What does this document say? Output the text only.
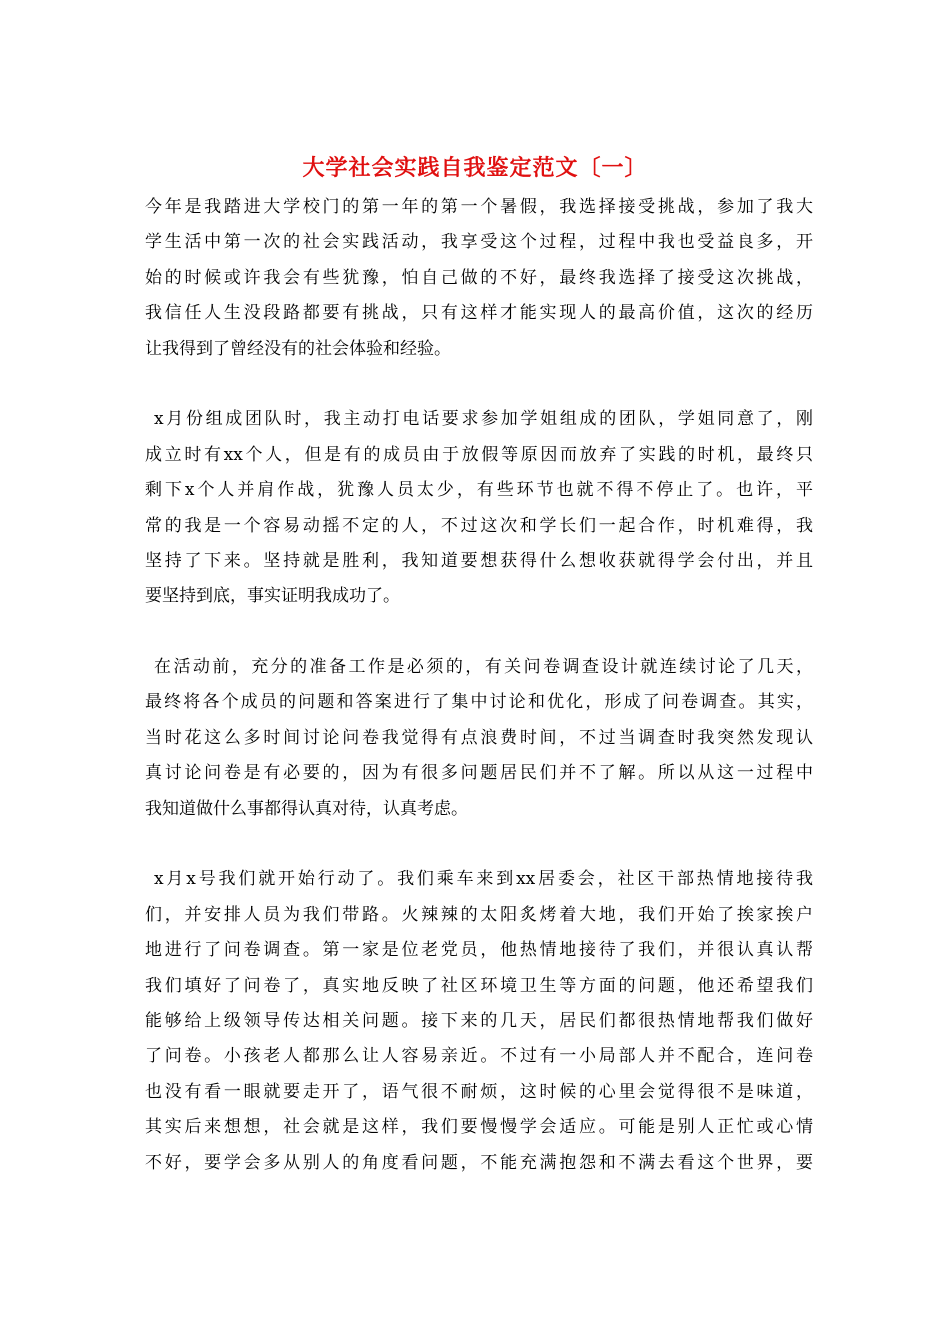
大学社会实践自我鉴定范文〔一〕
今年是我踏进大学校门的第一年的第一个暑假，我选择接受挑战，参加了我大
学生活中第一次的社会实践活动，我享受这个过程，过程中我也受益良多，开
始的时候或许我会有些犹豫，怕自己做的不好，最终我选择了接受这次挑战，
我信任人生没段路都要有挑战，只有这样才能实现人的最高价值，这次的经历
让我得到了曾经没有的社会体验和经验。
x月份组成团队时，我主动打电话要求参加学姐组成的团队，学姐同意了，刚
成立时有xx个人，但是有的成员由于放假等原因而放弃了实践的时机，最终只
剩下x个人并肩作战，犹豫人员太少，有些环节也就不得不停止了。也许，平
常的我是一个容易动摇不定的人，不过这次和学长们一起合作，时机难得，我
坚持了下来。坚持就是胜利，我知道要想获得什么想收获就得学会付出，并且
要坚持到底，事实证明我成功了。
在活动前，充分的准备工作是必须的，有关问卷调查设计就连续讨论了几天，
最终将各个成员的问题和答案进行了集中讨论和优化，形成了问卷调查。其实，
当时花这么多时间讨论问卷我觉得有点浪费时间，不过当调查时我突然发现认
真讨论问卷是有必要的，因为有很多问题居民们并不了解。所以从这一过程中
我知道做什么事都得认真对待，认真考虑。
x月x号我们就开始行动了。我们乘车来到xx居委会，社区干部热情地接待我
们，并安排人员为我们带路。火辣辣的太阳炙烤着大地，我们开始了挨家挨户
地进行了问卷调查。第一家是位老党员，他热情地接待了我们，并很认真认帮
我们填好了问卷了，真实地反映了社区环境卫生等方面的问题，他还希望我们
能够给上级领导传达相关问题。接下来的几天，居民们都很热情地帮我们做好
了问卷。小孩老人都那么让人容易亲近。不过有一小局部人并不配合，连问卷
也没有看一眼就要走开了，语气很不耐烦，这时候的心里会觉得很不是味道，
其实后来想想，社会就是这样，我们要慢慢学会适应。可能是别人正忙或心情
不好，要学会多从别人的角度看问题，不能充满抱怨和不满去看这个世界，要
